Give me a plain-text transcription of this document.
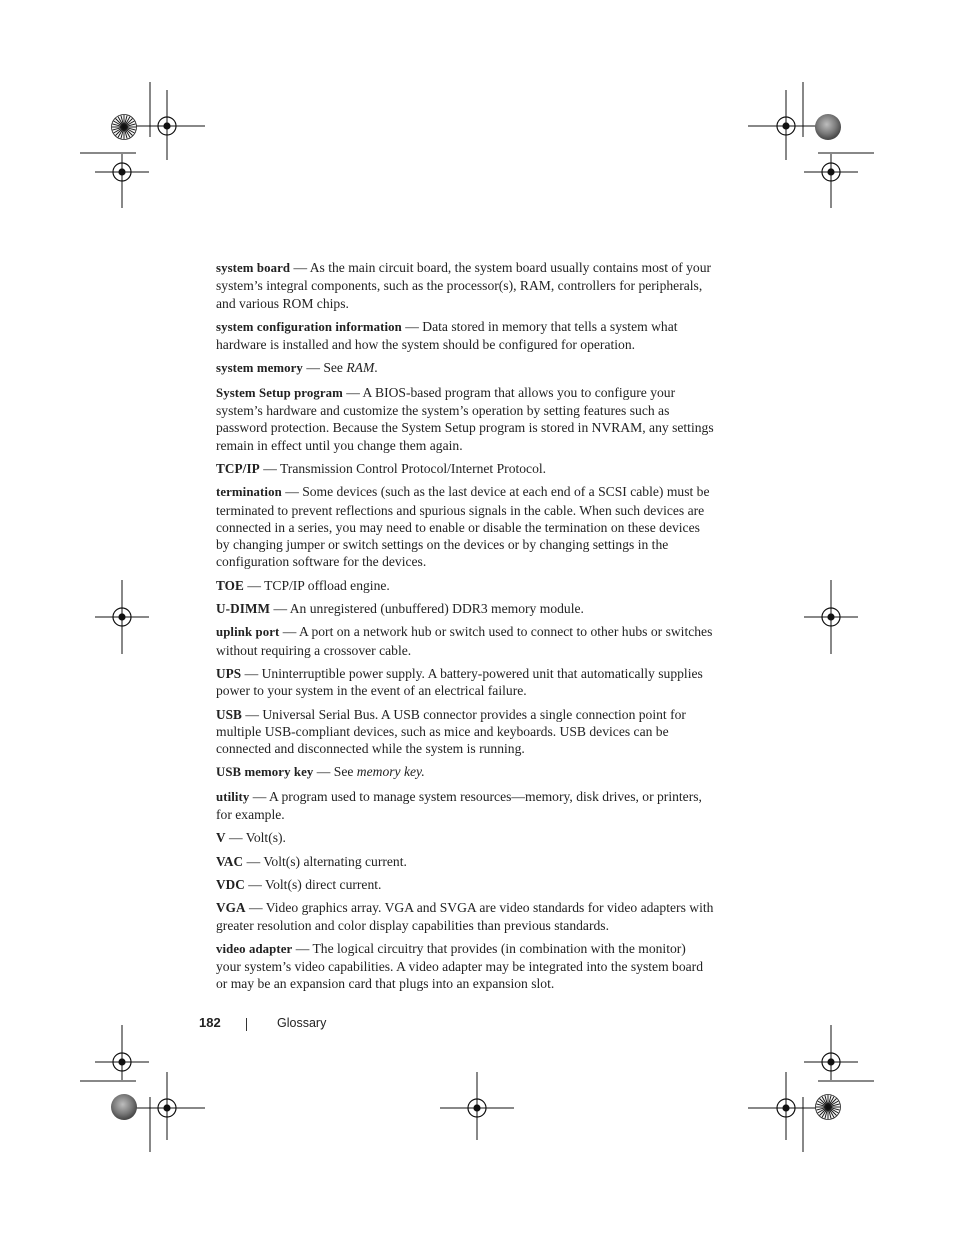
system board — As the main circuit board, the system board usually contains most of your system’s integral components, such as the processor(s), RAM, controllers for peripherals, and various ROM chips.

system configuration information — Data stored in memory that tells a system what hardware is installed and how the system should be configured for operation.

system memory — See RAM.

System Setup program — A BIOS-based program that allows you to configure your system’s hardware and customize the system’s operation by setting features such as password protection. Because the System Setup program is stored in NVRAM, any settings remain in effect until you change them again.

TCP/IP — Transmission Control Protocol/Internet Protocol.

termination — Some devices (such as the last device at each end of a SCSI cable) must be terminated to prevent reflections and spurious signals in the cable. When such devices are connected in a series, you may need to enable or disable the termination on these devices by changing jumper or switch settings on the devices or by changing settings in the configuration software for the devices.

TOE — TCP/IP offload engine.

U-DIMM — An unregistered (unbuffered) DDR3 memory module.

uplink port — A port on a network hub or switch used to connect to other hubs or switches without requiring a crossover cable.

UPS — Uninterruptible power supply. A battery-powered unit that automatically supplies power to your system in the event of an electrical failure.

USB — Universal Serial Bus. A USB connector provides a single connection point for multiple USB-compliant devices, such as mice and keyboards. USB devices can be connected and disconnected while the system is running.

USB memory key — See memory key.

utility — A program used to manage system resources—memory, disk drives, or printers, for example.

V — Volt(s).

VAC — Volt(s) alternating current.

VDC — Volt(s) direct current.

VGA — Video graphics array. VGA and SVGA are video standards for video adapters with greater resolution and color display capabilities than previous standards.

video adapter — The logical circuitry that provides (in combination with the monitor) your system’s video capabilities. A video adapter may be integrated into the system board or may be an expansion card that plugs into an expansion slot.

182	Glossary
